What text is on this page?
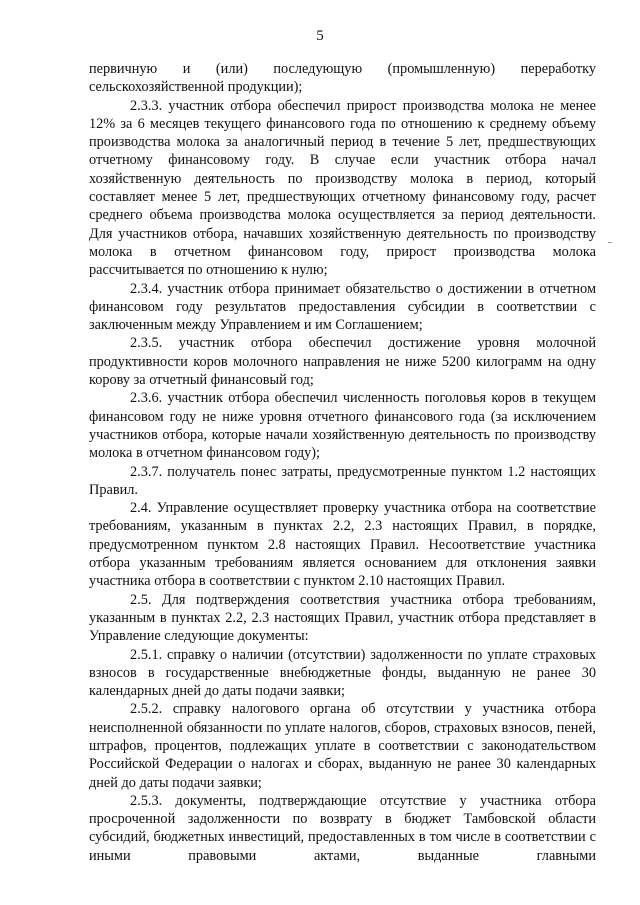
5

первичную и (или) последующую (промышленную) переработку сельскохозяйственной продукции);

2.3.3. участник отбора обеспечил прирост производства молока не менее 12% за 6 месяцев текущего финансового года по отношению к среднему объему производства молока за аналогичный период в течение 5 лет, предшествующих отчетному финансовому году. В случае если участник отбора начал хозяйственную деятельность по производству молока в период, который составляет менее 5 лет, предшествующих отчетному финансовому году, расчет среднего объема производства молока осуществляется за период деятельности. Для участников отбора, начавших хозяйственную деятельность по производству молока в отчетном финансовом году, прирост производства молока рассчитывается по отношению к нулю;

2.3.4. участник отбора принимает обязательство о достижении в отчетном финансовом году результатов предоставления субсидии в соответствии с заключенным между Управлением и им Соглашением;

2.3.5. участник отбора обеспечил достижение уровня молочной продуктивности коров молочного направления не ниже 5200 килограмм на одну корову за отчетный финансовый год;

2.3.6. участник отбора обеспечил численность поголовья коров в текущем финансовом году не ниже уровня отчетного финансового года (за исключением участников отбора, которые начали хозяйственную деятельность по производству молока в отчетном финансовом году);

2.3.7. получатель понес затраты, предусмотренные пунктом 1.2 настоящих Правил.

2.4. Управление осуществляет проверку участника отбора на соответствие требованиям, указанным в пунктах 2.2, 2.3 настоящих Правил, в порядке, предусмотренном пунктом 2.8 настоящих Правил. Несоответствие участника отбора указанным требованиям является основанием для отклонения заявки участника отбора в соответствии с пунктом 2.10 настоящих Правил.

2.5. Для подтверждения соответствия участника отбора требованиям, указанным в пунктах 2.2, 2.3 настоящих Правил, участник отбора представляет в Управление следующие документы:

2.5.1. справку о наличии (отсутствии) задолженности по уплате страховых взносов в государственные внебюджетные фонды, выданную не ранее 30 календарных дней до даты подачи заявки;

2.5.2. справку налогового органа об отсутствии у участника отбора неисполненной обязанности по уплате налогов, сборов, страховых взносов, пеней, штрафов, процентов, подлежащих уплате в соответствии с законодательством Российской Федерации о налогах и сборах, выданную не ранее 30 календарных дней до даты подачи заявки;

2.5.3. документы, подтверждающие отсутствие у участника отбора просроченной задолженности по возврату в бюджет Тамбовской области субсидий, бюджетных инвестиций, предоставленных в том числе в соответствии с иными правовыми актами, выданные главными
